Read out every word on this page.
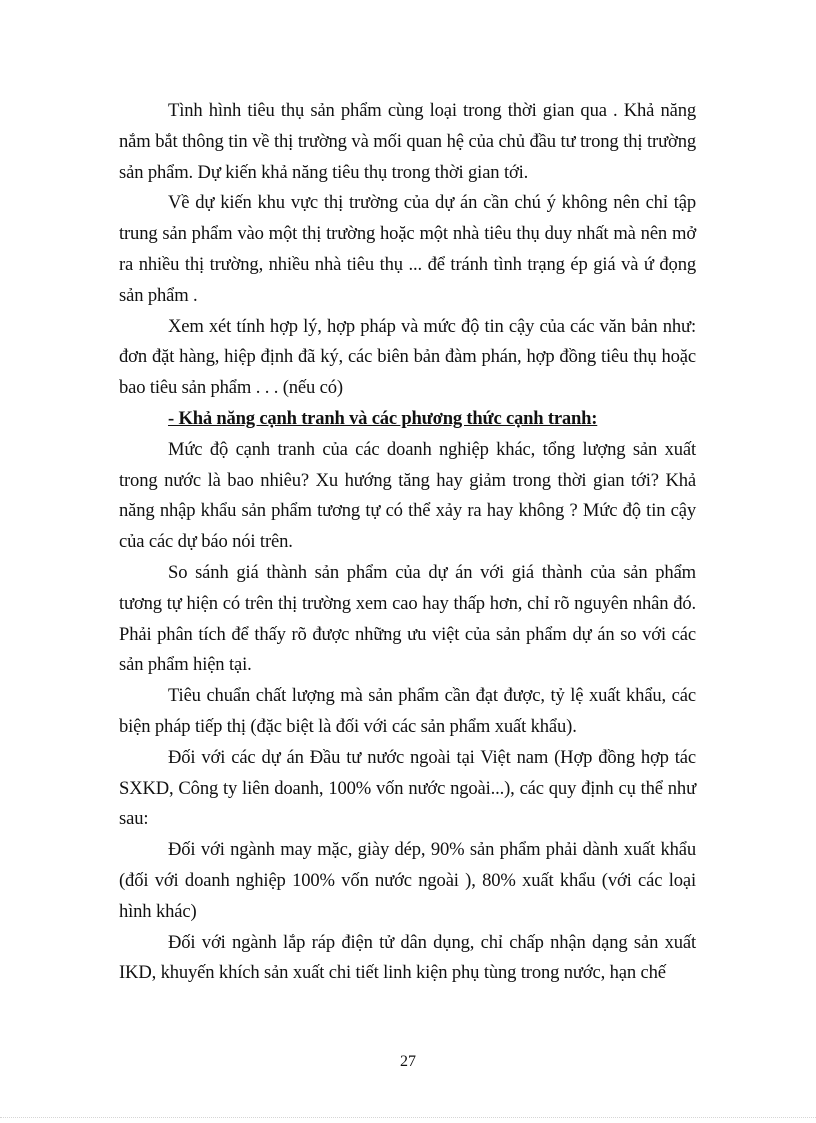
Tình hình tiêu thụ sản phẩm cùng loại trong thời gian qua . Khả năng nắm bắt thông tin về thị trường và mối quan hệ của chủ đầu tư trong thị trường sản phẩm. Dự kiến khả năng tiêu thụ trong thời gian tới.

Về dự kiến khu vực thị trường của dự án cần chú ý không nên chỉ tập trung sản phẩm vào một thị trường hoặc một nhà tiêu thụ duy nhất mà nên mở ra nhiều thị trường, nhiều nhà tiêu thụ ... để tránh tình trạng ép giá và ứ đọng sản phẩm .

Xem xét tính hợp lý, hợp pháp và mức độ tin cậy của các văn bản như: đơn đặt hàng, hiệp định đã ký, các biên bản đàm phán, hợp đồng tiêu thụ hoặc bao tiêu sản phẩm . . . (nếu có)

- Khả năng cạnh tranh và các phương thức cạnh tranh:

Mức độ cạnh tranh của các doanh nghiệp khác, tổng lượng sản xuất trong nước là bao nhiêu? Xu hướng tăng hay giảm trong thời gian tới? Khả năng nhập khẩu sản phẩm tương tự có thể xảy ra hay không ? Mức độ tin cậy của các dự báo nói trên.

So sánh giá thành sản phẩm của dự án với giá thành của sản phẩm tương tự hiện có trên thị trường xem cao hay thấp hơn, chỉ rõ nguyên nhân đó. Phải phân tích để thấy rõ được những ưu việt của sản phẩm dự án so với các sản phẩm hiện tại.

Tiêu chuẩn chất lượng mà sản phẩm cần đạt được, tỷ lệ xuất khẩu, các biện pháp tiếp thị (đặc biệt là đối với các sản phẩm xuất khẩu).

Đối với các dự án Đầu tư nước ngoài tại Việt nam (Hợp đồng hợp tác SXKD, Công ty liên doanh, 100% vốn nước ngoài...), các quy định cụ thể như sau:

Đối với ngành may mặc, giày dép, 90% sản phẩm phải dành xuất khẩu (đối với doanh nghiệp 100% vốn nước ngoài ), 80% xuất khẩu (với các loại hình khác)

Đối với ngành lắp ráp điện tử dân dụng, chỉ chấp nhận dạng sản xuất IKD, khuyến khích sản xuất chi tiết linh kiện phụ tùng trong nước, hạn chế

27
